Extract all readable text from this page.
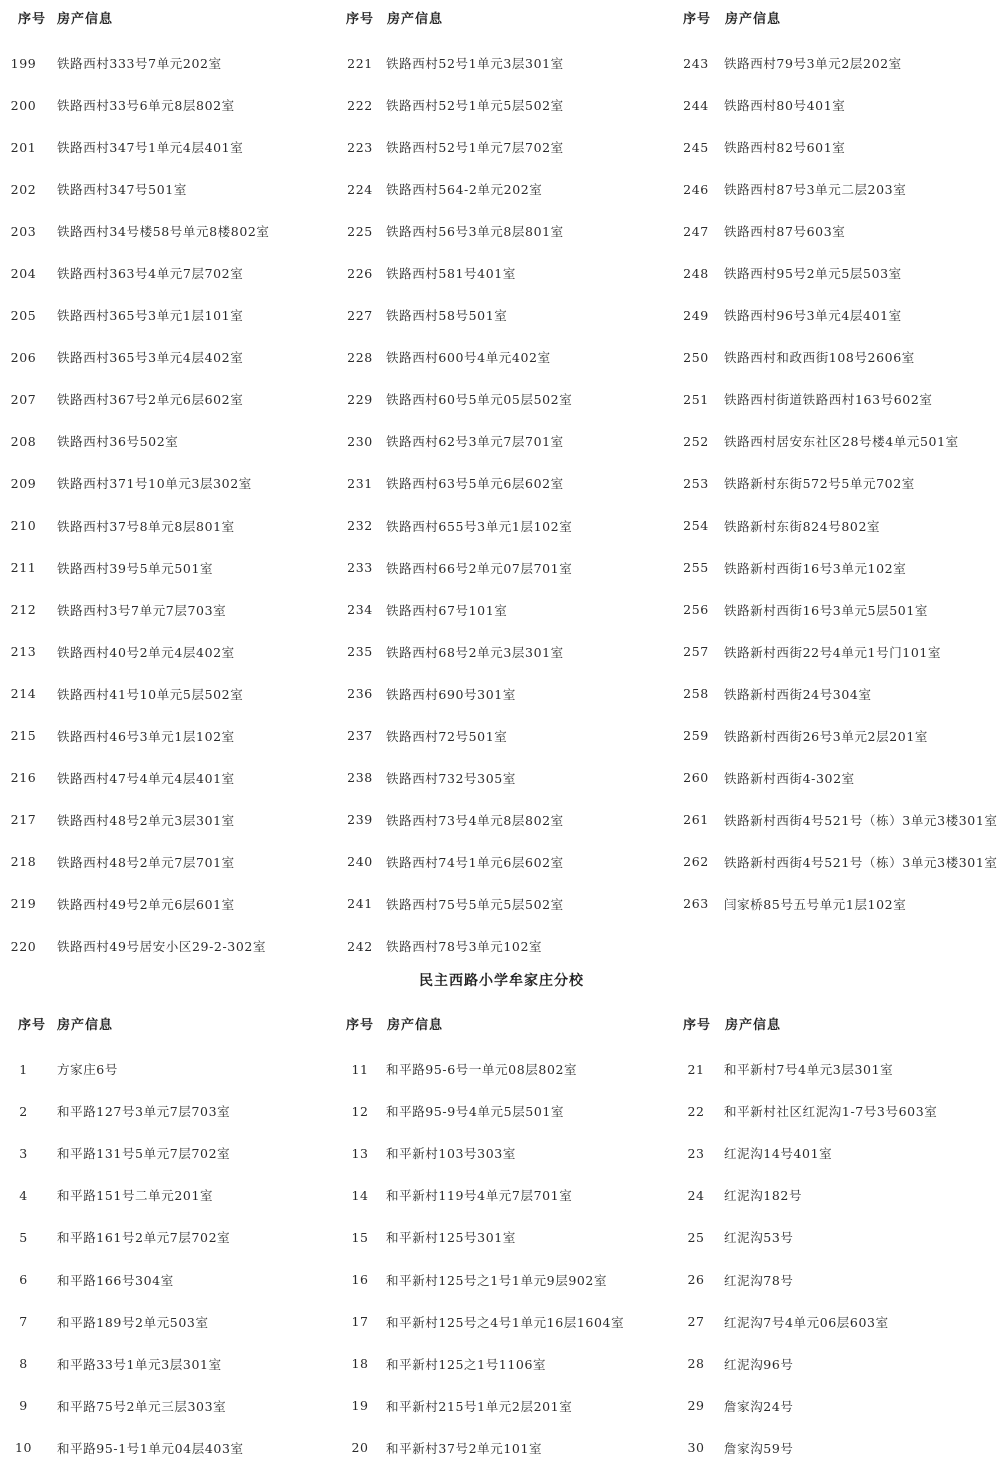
序号 房产信息
199	铁路西村333号7单元202室
200	铁路西村33号6单元8层802室
201	铁路西村347号1单元4层401室
202	铁路西村347号501室
203	铁路西村34号楼58号单元8楼802室
204	铁路西村363号4单元7层702室
205	铁路西村365号3单元1层101室
206	铁路西村365号3单元4层402室
207	铁路西村367号2单元6层602室
208	铁路西村36号502室
209	铁路西村371号10单元3层302室
210	铁路西村37号8单元8层801室
211	铁路西村39号5单元501室
212	铁路西村3号7单元7层703室
213	铁路西村40号2单元4层402室
214	铁路西村41号10单元5层502室
215	铁路西村46号3单元1层102室
216	铁路西村47号4单元4层401室
217	铁路西村48号2单元3层301室
218	铁路西村48号2单元7层701室
219	铁路西村49号2单元6层601室
220	铁路西村49号居安小区29-2-302室
序号 房产信息
221	铁路西村52号1单元3层301室
222	铁路西村52号1单元5层502室
223	铁路西村52号1单元7层702室
224	铁路西村564-2单元202室
225	铁路西村56号3单元8层801室
226	铁路西村581号401室
227	铁路西村58号501室
228	铁路西村600号4单元402室
229	铁路西村60号5单元05层502室
230	铁路西村62号3单元7层701室
231	铁路西村63号5单元6层602室
232	铁路西村655号3单元1层102室
233	铁路西村66号2单元07层701室
234	铁路西村67号101室
235	铁路西村68号2单元3层301室
236	铁路西村690号301室
237	铁路西村72号501室
238	铁路西村732号305室
239	铁路西村73号4单元8层802室
240	铁路西村74号1单元6层602室
241	铁路西村75号5单元5层502室
242	铁路西村78号3单元102室
序号	房产信息
243	铁路西村79号3单元2层202室
244	铁路西村80号401室
245	铁路西村82号601室
246	铁路西村87号3单元二层203室
247	铁路西村87号603室
248	铁路西村95号2单元5层503室
249	铁路西村96号3单元4层401室
250	铁路西村和政西街108号2606室
251	铁路西村街道铁路西村163号602室
252	铁路西村居安东社区28号楼4单元501室
253	铁路新村东街572号5单元702室
254	铁路新村东街824号802室
255	铁路新村西街16号3单元102室
256	铁路新村西街16号3单元5层501室
257	铁路新村西街22号4单元1号门101室
258	铁路新村西街24号304室
259	铁路新村西街26号3单元2层201室
260	铁路新村西街4-302室
261	铁路新村西街4号521号（栋）3单元3楼301室
262	铁路新村西街4号521号（栋）3单元3楼301室
263	闫家桥85号五号单元1层102室
民主西路小学牟家庄分校
序号 房产信息
1	方家庄6号
2	和平路127号3单元7层703室
3	和平路131号5单元7层702室
4	和平路151号二单元201室
5	和平路161号2单元7层702室
6	和平路166号304室
7	和平路189号2单元503室
8	和平路33号1单元3层301室
9	和平路75号2单元三层303室
10	和平路95-1号1单元04层403室
序号 房产信息
11	和平路95-6号一单元08层802室
12	和平路95-9号4单元5层501室
13	和平新村103号303室
14	和平新村119号4单元7层701室
15	和平新村125号301室
16	和平新村125号之1号1单元9层902室
17	和平新村125号之4号1单元16层1604室
18	和平新村125之1号1106室
19	和平新村215号1单元2层201室
20	和平新村37号2单元101室
序号	房产信息
21	和平新村7号4单元3层301室
22	和平新村社区红泥沟1-7号3号603室
23	红泥沟14号401室
24	红泥沟182号
25	红泥沟53号
26	红泥沟78号
27	红泥沟7号4单元06层603室
28	红泥沟96号
29	詹家沟24号
30	詹家沟59号
